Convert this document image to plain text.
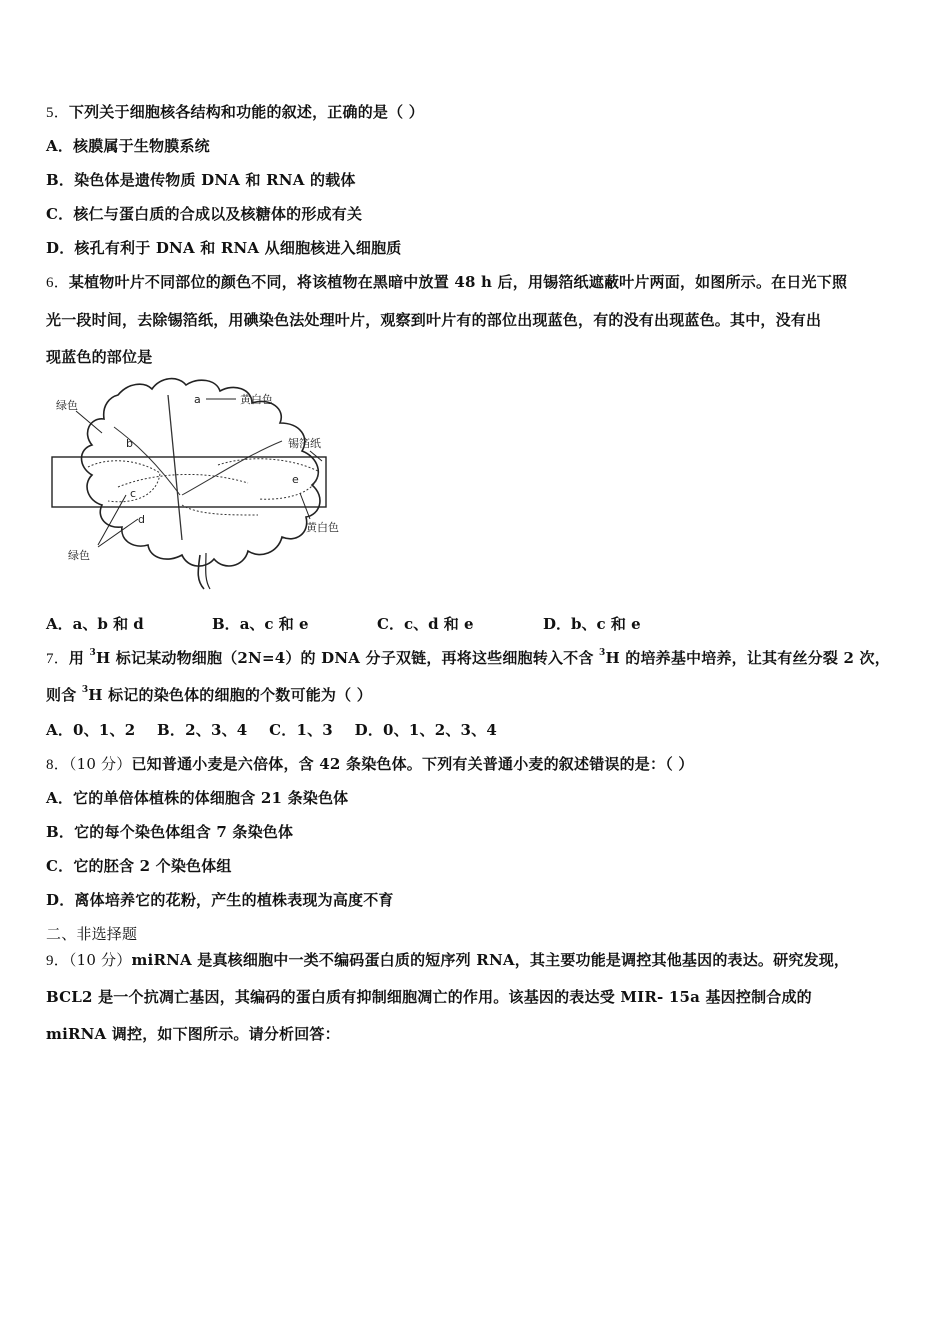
5．下列关于细胞核各结构和功能的叙述，正确的是（ ）
A．核膜属于生物膜系统
B．染色体是遗传物质 DNA 和 RNA 的载体
C．核仁与蛋白质的合成以及核糖体的形成有关
D．核孔有利于 DNA 和 RNA 从细胞核进入细胞质
6．某植物叶片不同部位的颜色不同，将该植物在黑暗中放置 48 h 后，用锡箔纸遮蔽叶片两面，如图所示。在日光下照
光一段时间，去除锡箔纸，用碘染色法处理叶片，观察到叶片有的部位出现蓝色，有的没有出现蓝色。其中，没有出
现蓝色的部位是
绿色	黄白色
锡箔纸
黄白色
绿色
a
b
c
d
e
A．a、b 和 d	B．a、c 和 e	C．c、d 和 e	D．b、c 和 e
7．用 $^3$H 标记某动物细胞（2N=4）的 DNA 分子双链，再将这些细胞转入不含 $^3$H 的培养基中培养，让其有丝分裂 2 次，
则含 $^3$H 标记的染色体的细胞的个数可能为（ ）
A．0、1、2    B．2、3、4    C．1、3    D．0、1、2、3、4
8．（10 分）已知普通小麦是六倍体，含 42 条染色体。下列有关普通小麦的叙述错误的是：（ ）
A．它的单倍体植株的体细胞含 21 条染色体
B．它的每个染色体组含 7 条染色体
C．它的胚含 2 个染色体组
D．离体培养它的花粉，产生的植株表现为高度不育
二、非选择题
9．（10 分）miRNA 是真核细胞中一类不编码蛋白质的短序列 RNA，其主要功能是调控其他基因的表达。研究发现，
BCL2 是一个抗凋亡基因，其编码的蛋白质有抑制细胞凋亡的作用。该基因的表达受 MIR- 15a 基因控制合成的
miRNA 调控，如下图所示。请分析回答：
